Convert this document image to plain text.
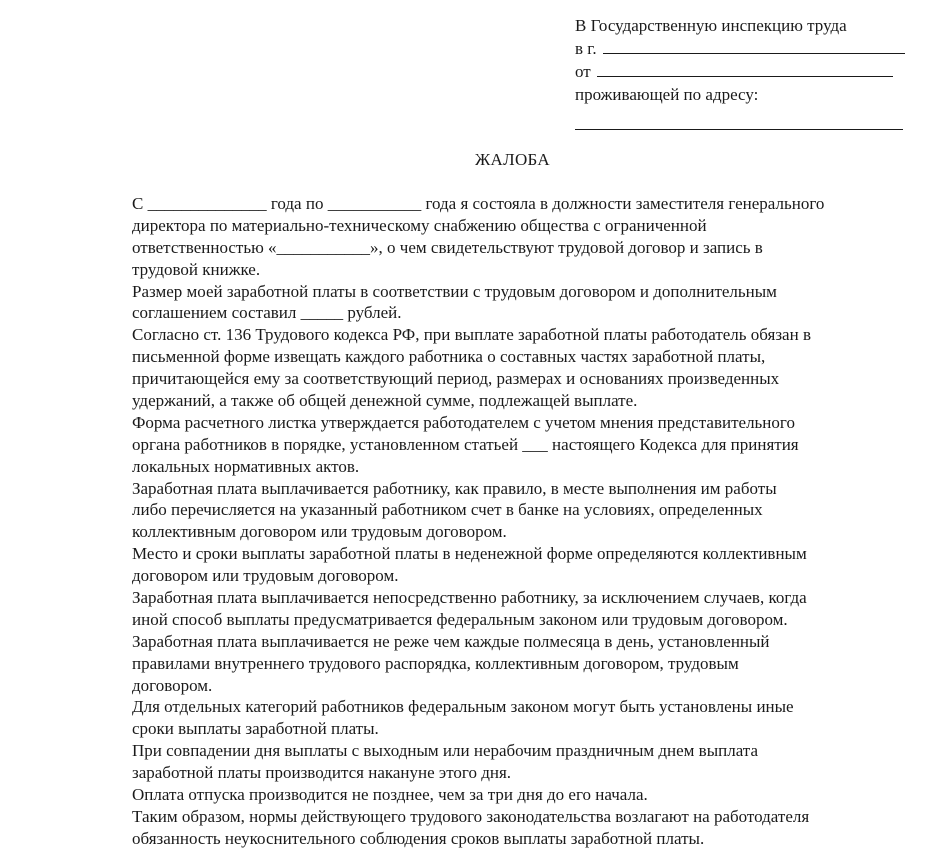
В Государственную инспекцию труда
в г.
от
проживающей по адресу:
ЖАЛОБА
С ______________ года по ___________ года я состояла в должности заместителя генерального
директора по материально-техническому снабжению общества с ограниченной
ответственностью «___________», о чем свидетельствуют трудовой договор и запись в
трудовой книжке.
Размер моей заработной платы в соответствии с трудовым договором и дополнительным
соглашением составил _____ рублей.
Согласно ст. 136 Трудового кодекса РФ, при выплате заработной платы работодатель обязан в
письменной форме извещать каждого работника о составных частях заработной платы,
причитающейся ему за соответствующий период, размерах и основаниях произведенных
удержаний, а также об общей денежной сумме, подлежащей выплате.
Форма расчетного листка утверждается работодателем с учетом мнения представительного
органа работников в порядке, установленном статьей ___ настоящего Кодекса для принятия
локальных нормативных актов.
Заработная плата выплачивается работнику, как правило, в месте выполнения им работы
либо перечисляется на указанный работником счет в банке на условиях, определенных
коллективным договором или трудовым договором.
Место и сроки выплаты заработной платы в неденежной форме определяются коллективным
договором или трудовым договором.
Заработная плата выплачивается непосредственно работнику, за исключением случаев, когда
иной способ выплаты предусматривается федеральным законом или трудовым договором.
Заработная плата выплачивается не реже чем каждые полмесяца в день, установленный
правилами внутреннего трудового распорядка, коллективным договором, трудовым
договором.
Для отдельных категорий работников федеральным законом могут быть установлены иные
сроки выплаты заработной платы.
При совпадении дня выплаты с выходным или нерабочим праздничным днем выплата
заработной платы производится накануне этого дня.
Оплата отпуска производится не позднее, чем за три дня до его начала.
Таким образом, нормы действующего трудового законодательства возлагают на работодателя
обязанность неукоснительного соблюдения сроков выплаты заработной платы.
